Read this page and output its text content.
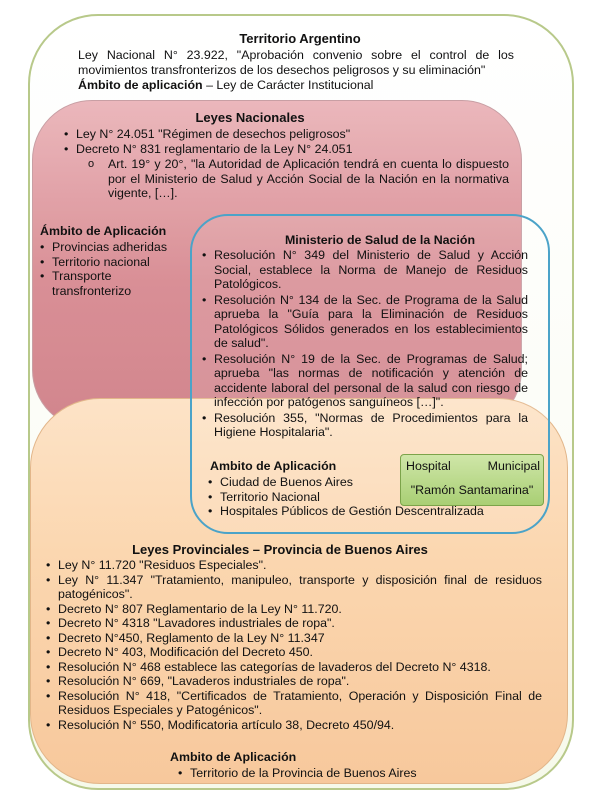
Territorio Argentino
Ley Nacional N° 23.922, "Aprobación convenio sobre el control de los movimientos transfronterizos de los desechos peligrosos y su eliminación"
Ámbito de aplicación – Ley de Carácter Institucional
Leyes Nacionales
• Ley N° 24.051 "Régimen de desechos peligrosos"
• Decreto N° 831 reglamentario de la Ley N° 24.051
o Art. 19° y 20°, "la Autoridad de Aplicación tendrá en cuenta lo dispuesto por el Ministerio de Salud y Acción Social de la Nación en la normativa vigente, […].
Ámbito de Aplicación
• Provincias adheridas
• Territorio nacional
• Transporte transfronterizo
Ministerio de Salud de la Nación
• Resolución N° 349 del Ministerio de Salud y Acción Social, establece la Norma de Manejo de Residuos Patológicos.
• Resolución N° 134 de la Sec. de Programa de la Salud aprueba la "Guía para la Eliminación de Residuos Patológicos Sólidos generados en los establecimientos de salud".
• Resolución N° 19 de la Sec. de Programas de Salud; aprueba "las normas de notificación y atención de accidente laboral del personal de la salud con riesgo de infección por patógenos sanguíneos […]".
• Resolución 355, "Normas de Procedimientos para la Higiene Hospitalaria".
Ambito de Aplicación
• Ciudad de Buenos Aires
• Territorio Nacional
• Hospitales Públicos de Gestión Descentralizada
Hospital	Municipal
"Ramón Santamarina"
Leyes Provinciales – Provincia de Buenos Aires
• Ley N° 11.720 "Residuos Especiales".
• Ley N° 11.347 "Tratamiento, manipuleo, transporte y disposición final de residuos patogénicos".
• Decreto N° 807 Reglamentario de la Ley N° 11.720.
• Decreto N° 4318 "Lavadores industriales de ropa".
• Decreto N°450, Reglamento de la Ley N° 11.347
• Decreto N° 403, Modificación del Decreto 450.
• Resolución N° 468 establece las categorías de lavaderos del Decreto N° 4318.
• Resolución N° 669, "Lavaderos industriales de ropa".
• Resolución N° 418, "Certificados de Tratamiento, Operación y Disposición Final de Residuos Especiales y Patogénicos".
• Resolución N° 550, Modificatoria artículo 38, Decreto 450/94.
Ambito de Aplicación
• Territorio de la Provincia de Buenos Aires
